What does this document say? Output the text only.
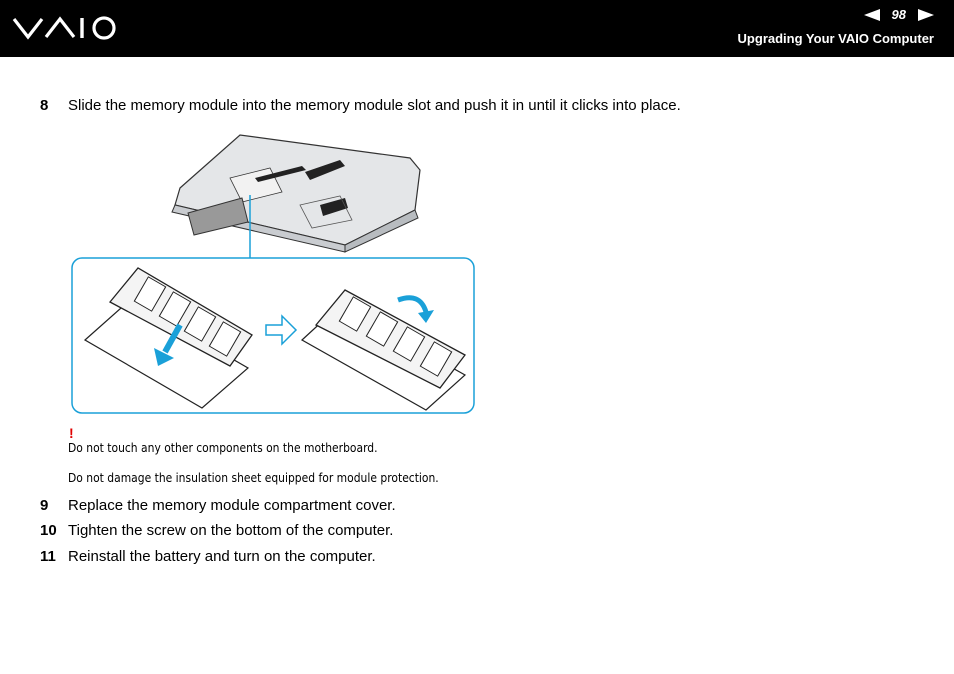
98
Upgrading Your VAIO Computer
8	Slide the memory module into the memory module slot and push it in until it clicks into place.
!
Do not touch any other components on the motherboard.
Do not damage the insulation sheet equipped for module protection.
9	Replace the memory module compartment cover.
10 Tighten the screw on the bottom of the computer.
11 Reinstall the battery and turn on the computer.
